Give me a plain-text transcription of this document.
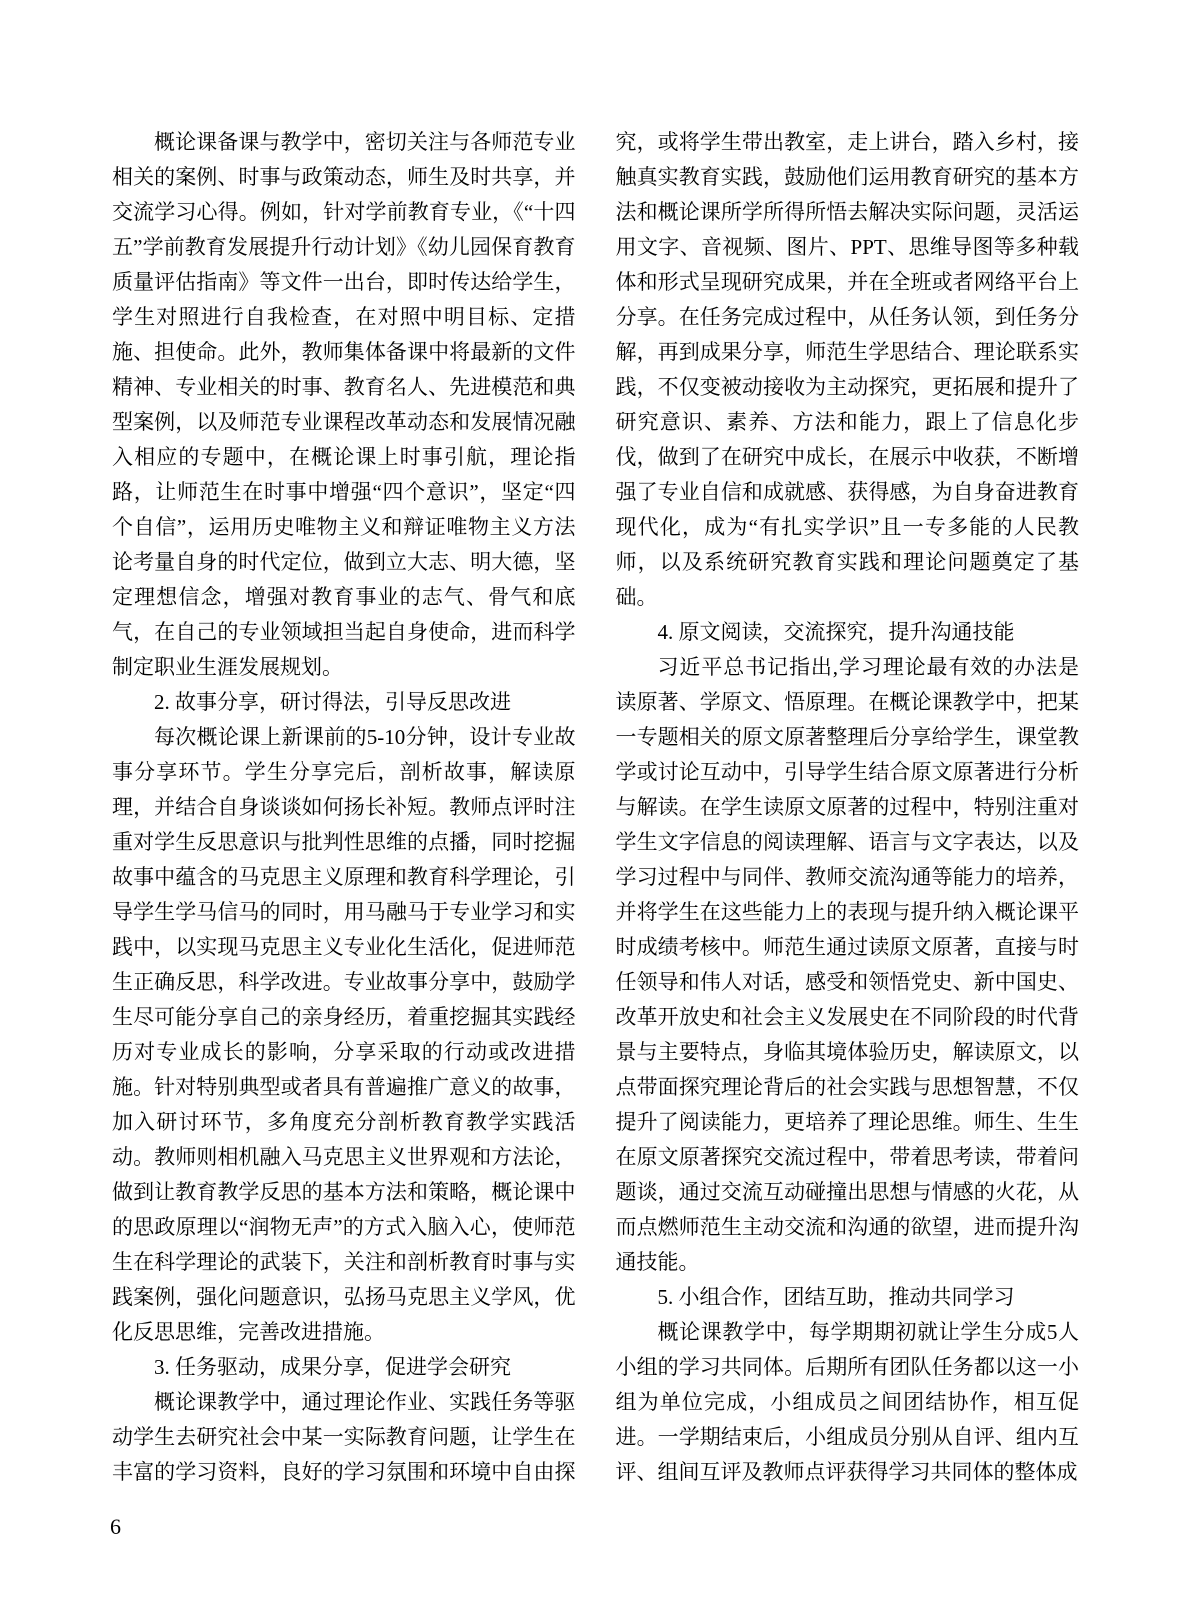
概论课备课与教学中，密切关注与各师范专业相关的案例、时事与政策动态，师生及时共享，并交流学习心得。例如，针对学前教育专业，《“十四五”学前教育发展提升行动计划》《幼儿园保育教育质量评估指南》等文件一出台，即时传达给学生，学生对照进行自我检查，在对照中明目标、定措施、担使命。此外，教师集体备课中将最新的文件精神、专业相关的时事、教育名人、先进模范和典型案例，以及师范专业课程改革动态和发展情况融入相应的专题中，在概论课上时事引航，理论指路，让师范生在时事中增强“四个意识”，坚定“四个自信”，运用历史唯物主义和辩证唯物主义方法论考量自身的时代定位，做到立大志、明大德，坚定理想信念，增强对教育事业的志气、骨气和底气，在自己的专业领域担当起自身使命，进而科学制定职业生涯发展规划。

2. 故事分享，研讨得法，引导反思改进

每次概论课上新课前的5-10分钟，设计专业故事分享环节。学生分享完后，剖析故事，解读原理，并结合自身谈谈如何扬长补短。教师点评时注重对学生反思意识与批判性思维的点播，同时挖掘故事中蕴含的马克思主义原理和教育科学理论，引导学生学马信马的同时，用马融马于专业学习和实践中，以实现马克思主义专业化生活化，促进师范生正确反思，科学改进。专业故事分享中，鼓励学生尽可能分享自己的亲身经历，着重挖掘其实践经历对专业成长的影响，分享采取的行动或改进措施。针对特别典型或者具有普遍推广意义的故事，加入研讨环节，多角度充分剖析教育教学实践活动。教师则相机融入马克思主义世界观和方法论，做到让教育教学反思的基本方法和策略，概论课中的思政原理以“润物无声”的方式入脑入心，使师范生在科学理论的武装下，关注和剖析教育时事与实践案例，强化问题意识，弘扬马克思主义学风，优化反思思维，完善改进措施。

3. 任务驱动，成果分享，促进学会研究

概论课教学中，通过理论作业、实践任务等驱动学生去研究社会中某一实际教育问题，让学生在丰富的学习资料，良好的学习氛围和环境中自由探究，或将学生带出教室，走上讲台，踏入乡村，接触真实教育实践，鼓励他们运用教育研究的基本方法和概论课所学所得所悟去解决实际问题，灵活运用文字、音视频、图片、PPT、思维导图等多种载体和形式呈现研究成果，并在全班或者网络平台上分享。在任务完成过程中，从任务认领，到任务分解，再到成果分享，师范生学思结合、理论联系实践，不仅变被动接收为主动探究，更拓展和提升了研究意识、素养、方法和能力，跟上了信息化步伐，做到了在研究中成长，在展示中收获，不断增强了专业自信和成就感、获得感，为自身奋进教育现代化，成为“有扎实学识”且一专多能的人民教师，以及系统研究教育实践和理论问题奠定了基础。

4. 原文阅读，交流探究，提升沟通技能

习近平总书记指出,学习理论最有效的办法是读原著、学原文、悟原理。在概论课教学中，把某一专题相关的原文原著整理后分享给学生，课堂教学或讨论互动中，引导学生结合原文原著进行分析与解读。在学生读原文原著的过程中，特别注重对学生文字信息的阅读理解、语言与文字表达，以及学习过程中与同伴、教师交流沟通等能力的培养，并将学生在这些能力上的表现与提升纳入概论课平时成绩考核中。师范生通过读原文原著，直接与时任领导和伟人对话，感受和领悟党史、新中国史、改革开放史和社会主义发展史在不同阶段的时代背景与主要特点，身临其境体验历史，解读原文，以点带面探究理论背后的社会实践与思想智慧，不仅提升了阅读能力，更培养了理论思维。师生、生生在原文原著探究交流过程中，带着思考读，带着问题谈，通过交流互动碰撞出思想与情感的火花，从而点燃师范生主动交流和沟通的欲望，进而提升沟通技能。

5. 小组合作，团结互助，推动共同学习

概论课教学中，每学期期初就让学生分成5人小组的学习共同体。后期所有团队任务都以这一小组为单位完成，小组成员之间团结协作，相互促进。一学期结束后，小组成员分别从自评、组内互评、组间互评及教师点评获得学习共同体的整体成

6
